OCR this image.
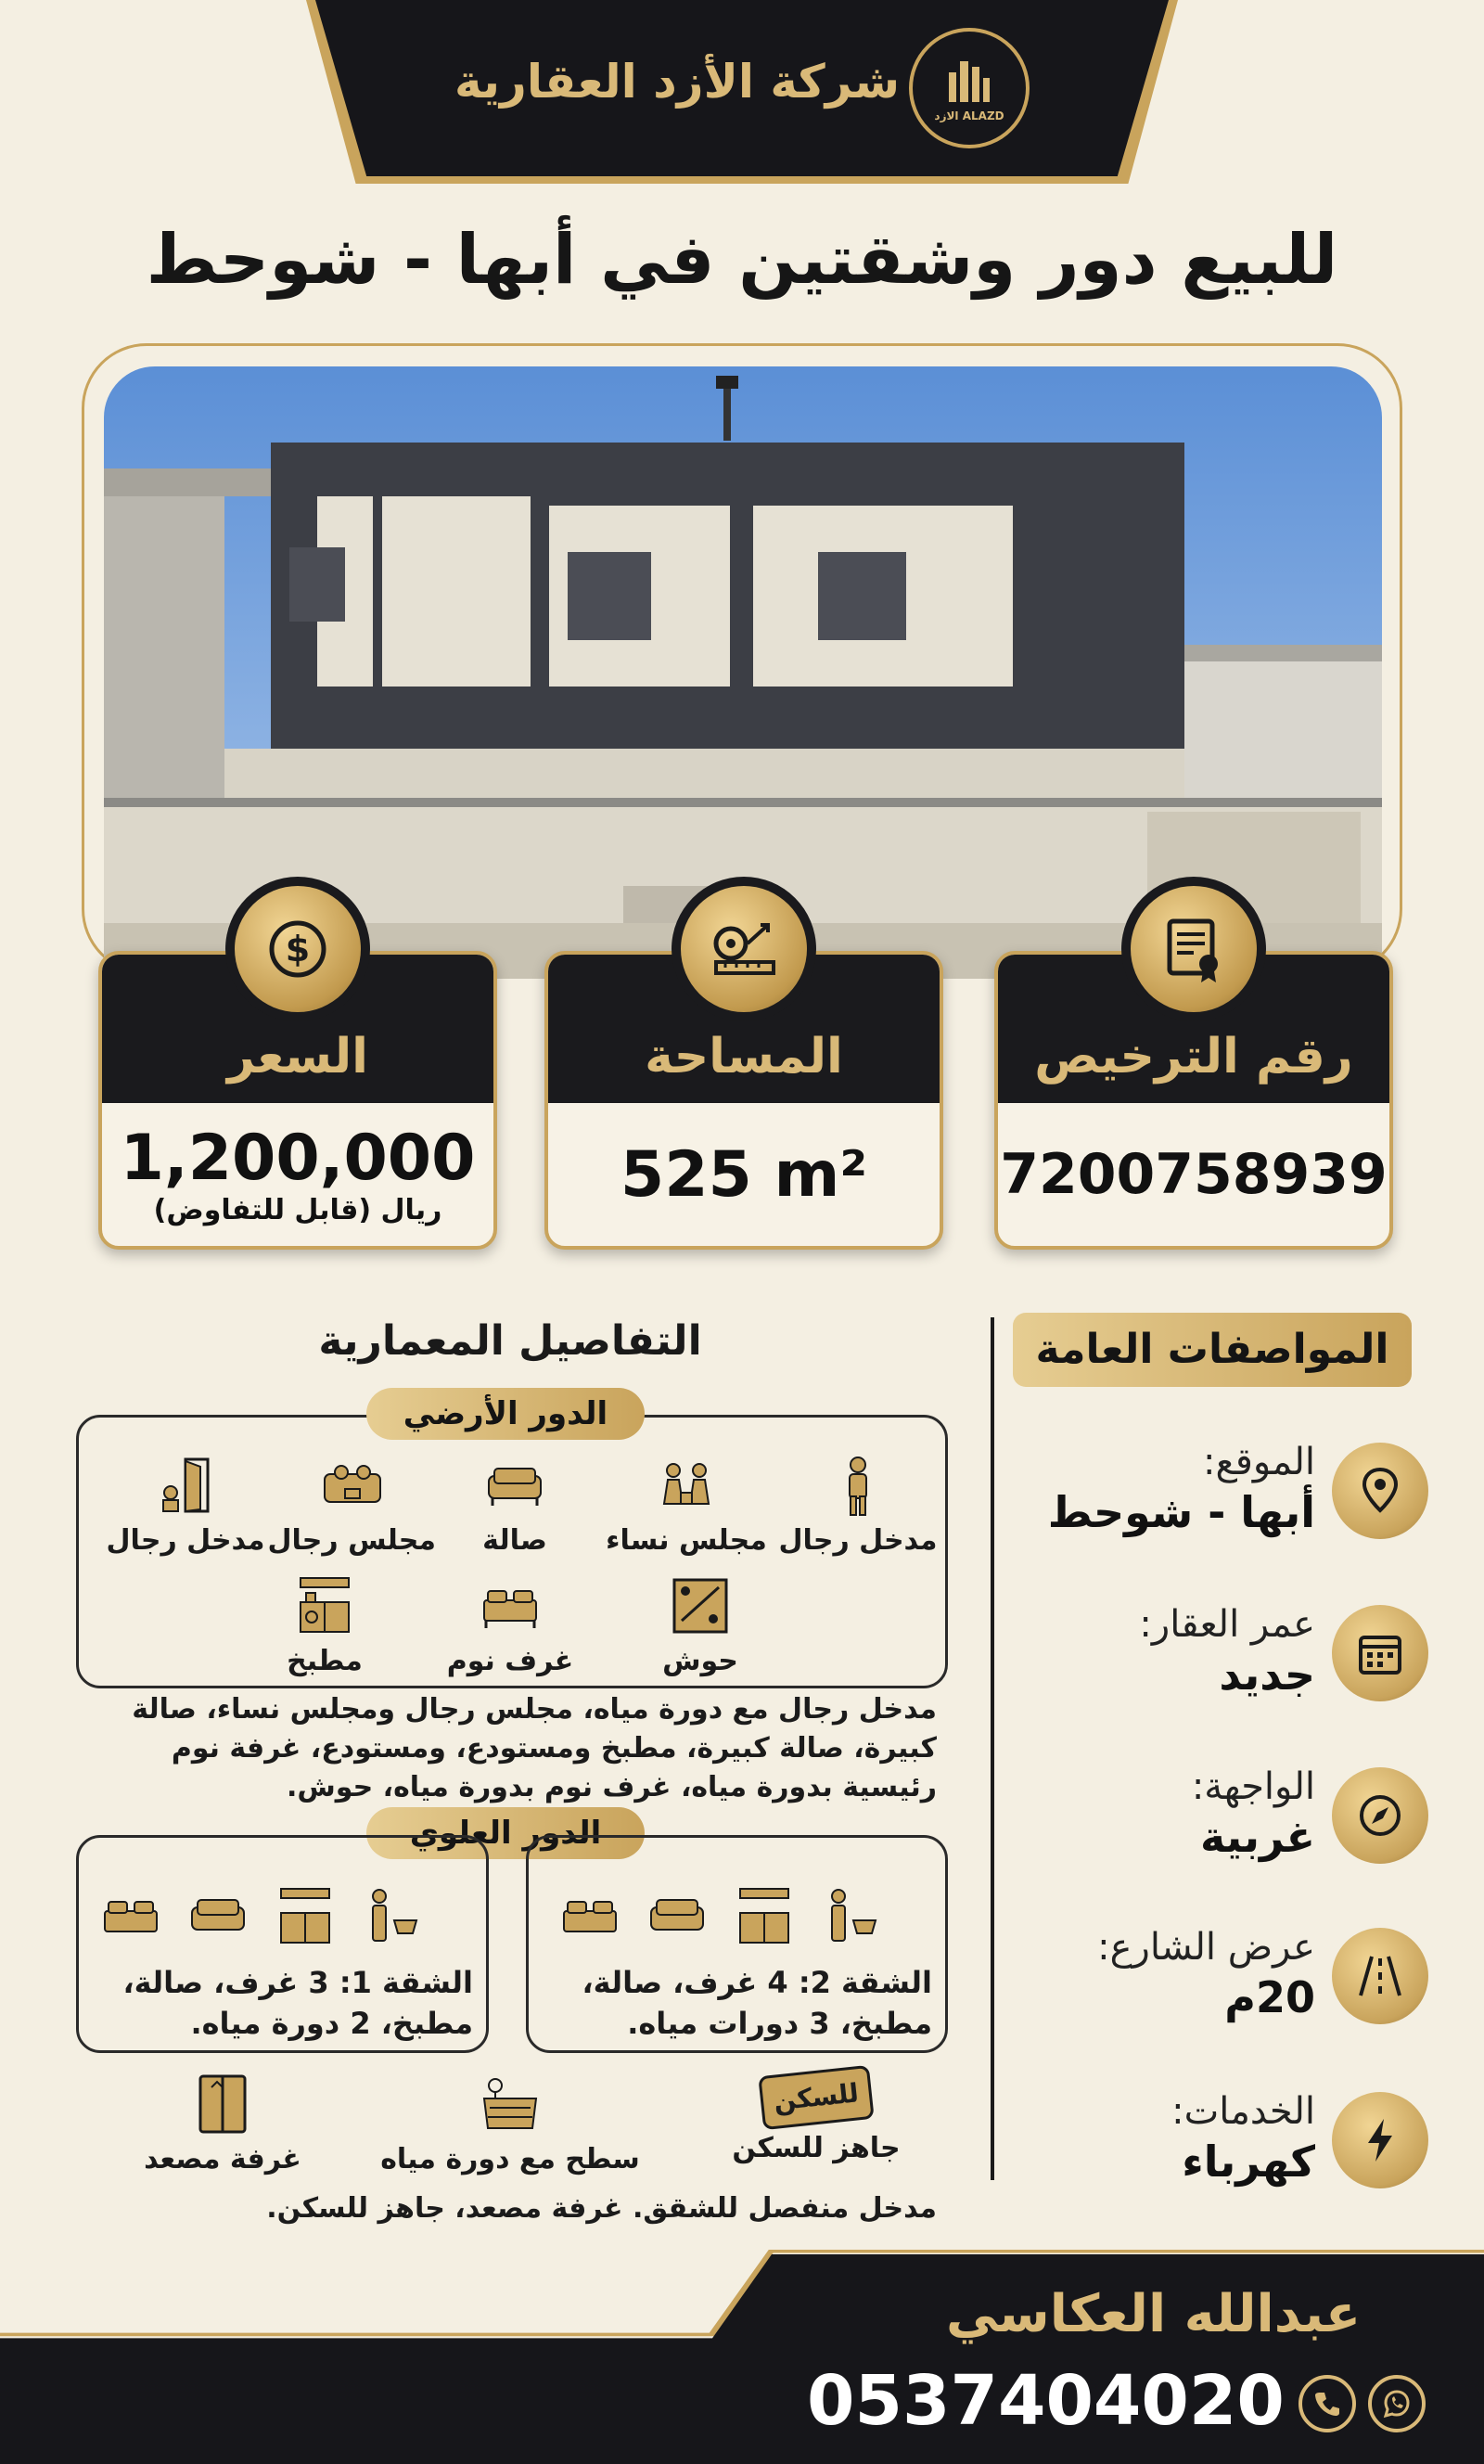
ALAZD الازد
شركة الأزد العقارية
للبيع دور وشقتين في أبها - شوحط
رقم الترخيص
7200758939
المساحة
525 m²
السعر
1,200,000
ريال (قابل للتفاوض)
$
المواصفات العامة
الموقع:
أبها - شوحط
عمر العقار:
جديد
الواجهة:
غربية
عرض الشارع:
20م
الخدمات:
كهرباء
التفاصيل المعمارية
الدور الأرضي
مدخل رجال
مجلس نساء
صالة
مجلس رجال
مدخل رجال
حوش
غرف نوم
مطبخ
مدخل رجال مع دورة مياه، مجلس رجال ومجلس نساء، صالة كبيرة، صالة كبيرة، مطبخ ومستودع، ومستودع، غرفة نوم رئيسية بدورة مياه، غرف نوم بدورة مياه، حوش.
الدور العلوي
الشقة 2: 4 غرف، صالة، مطبخ، 3 دورات مياه.
الشقة 1: 3 غرف، صالة، مطبخ، 2 دورة مياه.
للسكن
جاهز للسكن
سطح مع دورة مياه
غرفة مصعد
مدخل منفصل للشقق. غرفة مصعد، جاهز للسكن.
عبدالله العكاسي
0537404020
